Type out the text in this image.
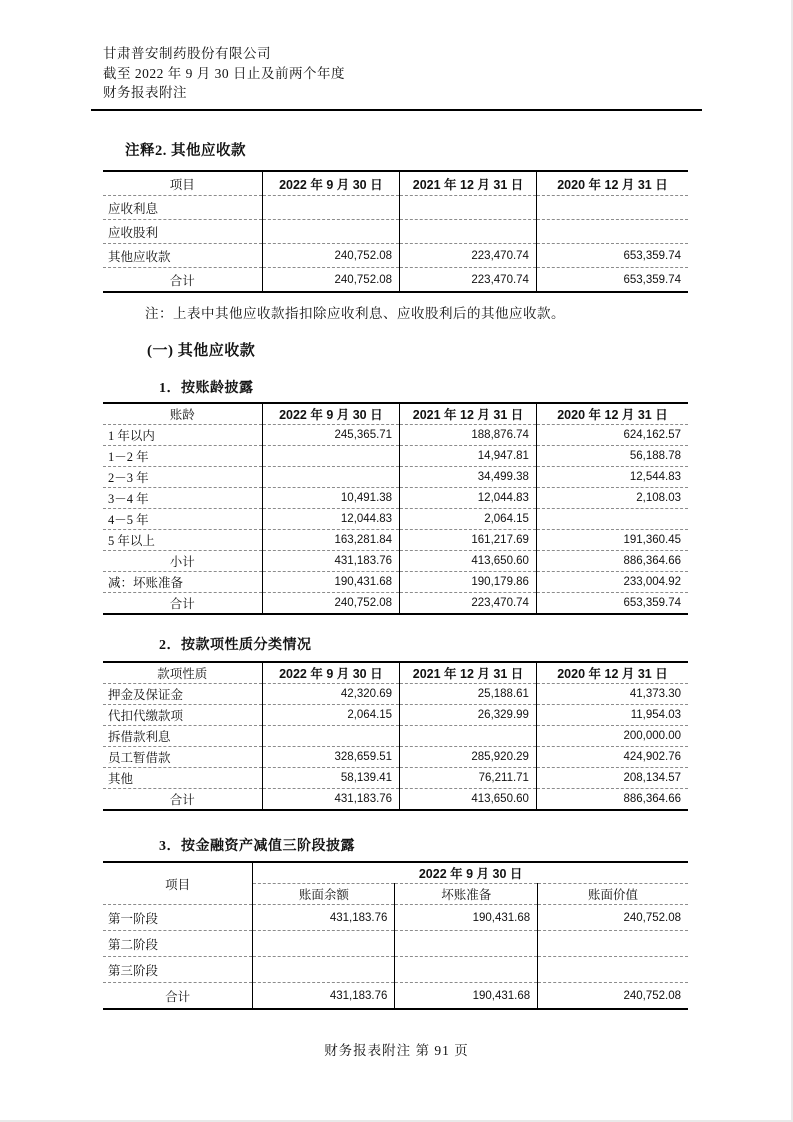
甘肃普安制药股份有限公司
截至 2022 年 9 月 30 日止及前两个年度
财务报表附注
注释2. 其他应收款
项目	2022 年 9 月 30 日	2021 年 12 月 31 日	2020 年 12 月 31 日
应收利息			
应收股利			
其他应收款	240,752.08	223,470.74	653,359.74
合计	240,752.08	223,470.74	653,359.74
注：上表中其他应收款指扣除应收利息、应收股利后的其他应收款。
(一) 其他应收款
1．按账龄披露
账龄	2022 年 9 月 30 日	2021 年 12 月 31 日	2020 年 12 月 31 日
1 年以内	245,365.71	188,876.74	624,162.57
1－2 年		14,947.81	56,188.78
2－3 年		34,499.38	12,544.83
3－4 年	10,491.38	12,044.83	2,108.03
4－5 年	12,044.83	2,064.15	
5 年以上	163,281.84	161,217.69	191,360.45
小计	431,183.76	413,650.60	886,364.66
减：坏账准备	190,431.68	190,179.86	233,004.92
合计	240,752.08	223,470.74	653,359.74
2．按款项性质分类情况
款项性质	2022 年 9 月 30 日	2021 年 12 月 31 日	2020 年 12 月 31 日
押金及保证金	42,320.69	25,188.61	41,373.30
代扣代缴款项	2,064.15	26,329.99	11,954.03
拆借款利息			200,000.00
员工暂借款	328,659.51	285,920.29	424,902.76
其他	58,139.41	76,211.71	208,134.57
合计	431,183.76	413,650.60	886,364.66
3．按金融资产减值三阶段披露
项目	2022 年 9 月 30 日		
	账面余额	坏账准备	账面价值
第一阶段	431,183.76	190,431.68	240,752.08
第二阶段			
第三阶段			
合计	431,183.76	190,431.68	240,752.08
财务报表附注 第 91 页
